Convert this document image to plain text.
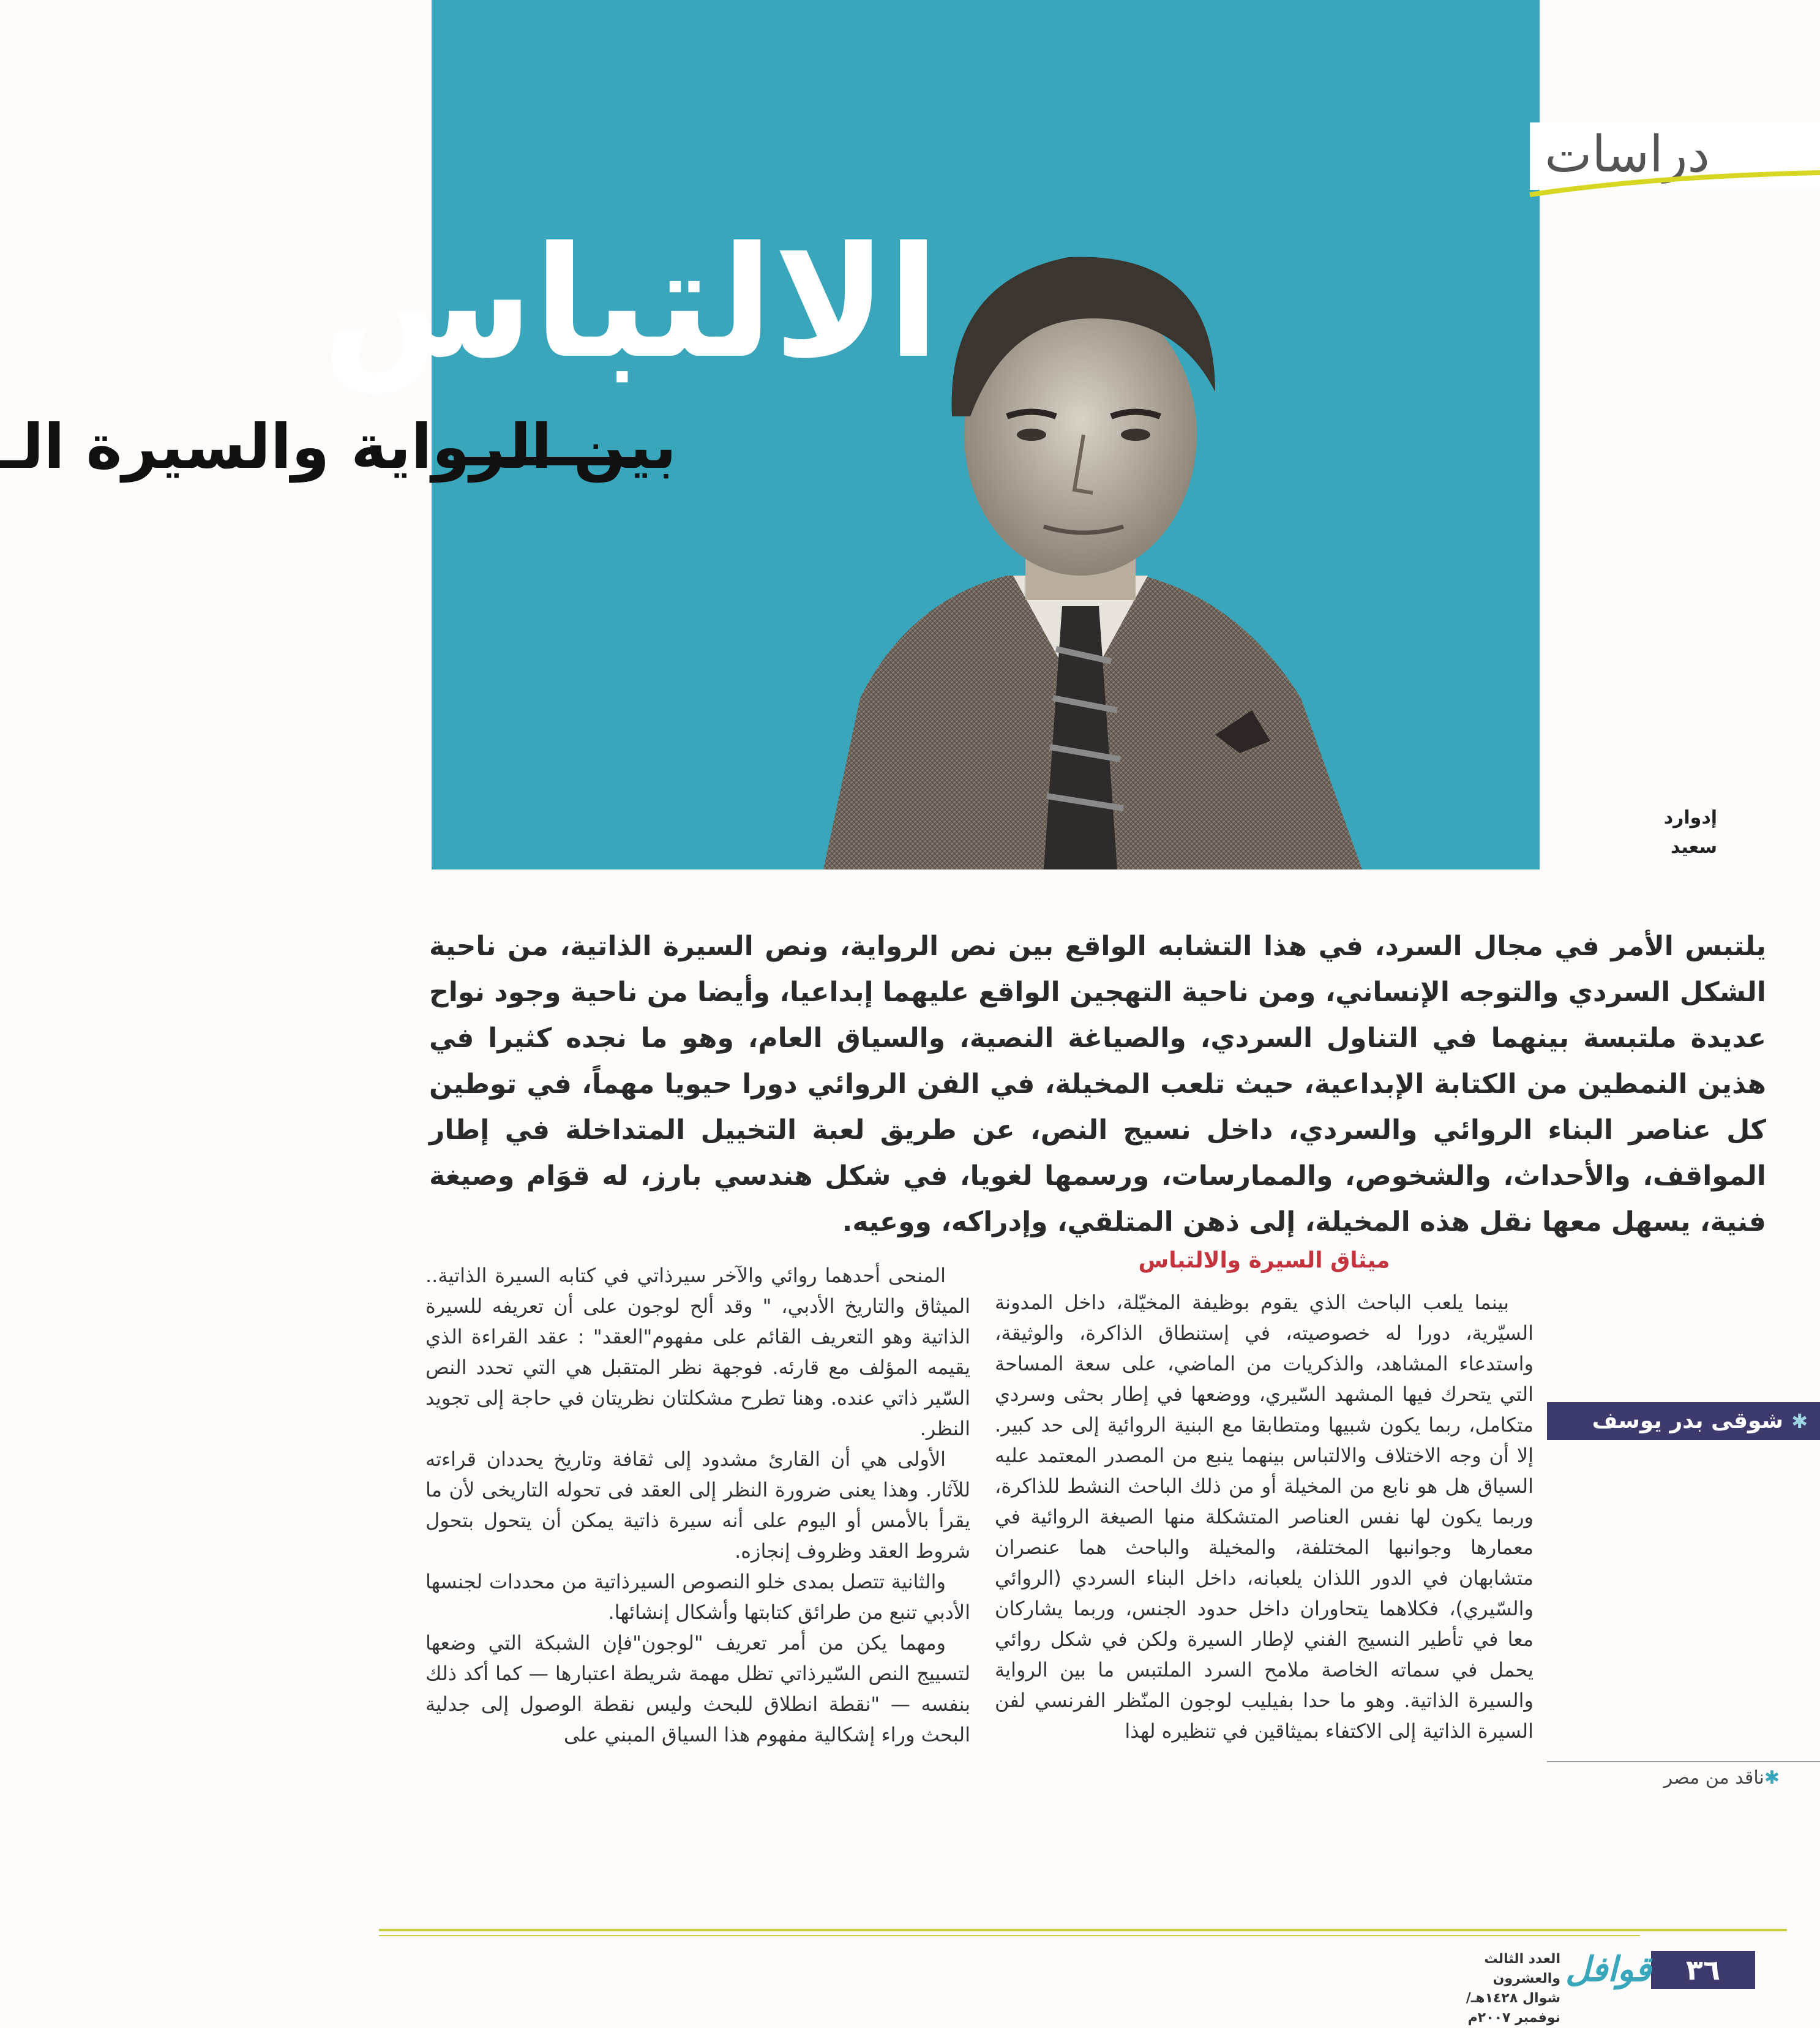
الالتباس
بين الرواية والسيرة الـ
إدوارد
سعيد
دراسات

يلتبس الأمر في مجال السرد، في هذا التشابه الواقع بين نص الرواية، ونص السيرة الذاتية، من ناحية الشكل السردي والتوجه الإنساني، ومن ناحية التهجين الواقع عليهما إبداعيا، وأيضا من ناحية وجود نواح عديدة ملتبسة بينهما في التناول السردي، والصياغة النصية، والسياق العام، وهو ما نجده كثيرا في هذين النمطين من الكتابة الإبداعية، حيث تلعب المخيلة، في الفن الروائي دورا حيويا مهماً، في توطين كل عناصر البناء الروائي والسردي، داخل نسيج النص، عن طريق لعبة التخييل المتداخلة في إطار المواقف، والأحداث، والشخوص، والممارسات، ورسمها لغويا، في شكل هندسي بارز، له قوَام وصيغة فنية، يسهل معها نقل هذه المخيلة، إلى ذهن المتلقي، وإدراكه، ووعيه.

ميثاق السيرة والالتباس

بينما يلعب الباحث الذي يقوم بوظيفة المخيّلة، داخل المدونة السيّرية، دورا له خصوصيته، في إستنطاق الذاكرة، والوثيقة، واستدعاء المشاهد، والذكريات من الماضي، على سعة المساحة التي يتحرك فيها المشهد السّيري، ووضعها في إطار بحثى وسردي متكامل، ربما يكون شبيها ومتطابقا مع البنية الروائية إلى حد كبير. إلا أن وجه الاختلاف والالتباس بينهما ينبع من المصدر المعتمد عليه السياق هل هو نابع من المخيلة أو من ذلك الباحث النشط للذاكرة، وربما يكون لها نفس العناصر المتشكلة منها الصيغة الروائية في معمارها وجوانبها المختلفة، والمخيلة والباحث هما عنصران متشابهان في الدور اللذان يلعبانه، داخل البناء السردي (الروائي والسّيري)، فكلاهما يتحاوران داخل حدود الجنس، وربما يشاركان معا في تأطير النسيج الفني لإطار السيرة ولكن في شكل روائي يحمل في سماته الخاصة ملامح السرد الملتبس ما بين الرواية والسيرة الذاتية. وهو ما حدا بفيليب لوجون المنّظر الفرنسي لفن السيرة الذاتية إلى الاكتفاء بميثاقين في تنظيره لهذا

المنحى أحدهما روائي والآخر سيرذاتي في كتابه السيرة الذاتية.. الميثاق والتاريخ الأدبي، " وقد ألح لوجون على أن تعريفه للسيرة الذاتية وهو التعريف القائم على مفهوم"العقد" : عقد القراءة الذي يقيمه المؤلف مع قارئه. فوجهة نظر المتقبل هي التي تحدد النص السّير ذاتي عنده. وهنا تطرح مشكلتان نظريتان في حاجة إلى تجويد النظر.

الأولى هي أن القارئ مشدود إلى ثقافة وتاريخ يحددان قراءته للآثار. وهذا يعنى ضرورة النظر إلى العقد فى تحوله التاريخى لأن ما يقرأ بالأمس أو اليوم على أنه سيرة ذاتية يمكن أن يتحول بتحول شروط العقد وظروف إنجازه.

والثانية تتصل بمدى خلو النصوص السيرذاتية من محددات لجنسها الأدبي تنبع من طرائق كتابتها وأشكال إنشائها.

ومهما يكن من أمر تعريف "لوجون"فإن الشبكة التي وضعها لتسييج النص السّيرذاتي تظل مهمة شريطة اعتبارها — كما أكد ذلك بنفسه — "نقطة انطلاق للبحث وليس نقطة الوصول إلى جدلية البحث وراء إشكالية مفهوم هذا السياق المبني على

✱
شوقى بدر يوسف
✱ناقد من مصر
٣٦
قوافل
العدد الثالث والعشرون
شوال ١٤٢٨هـ/ نوفمبر ٢٠٠٧م
